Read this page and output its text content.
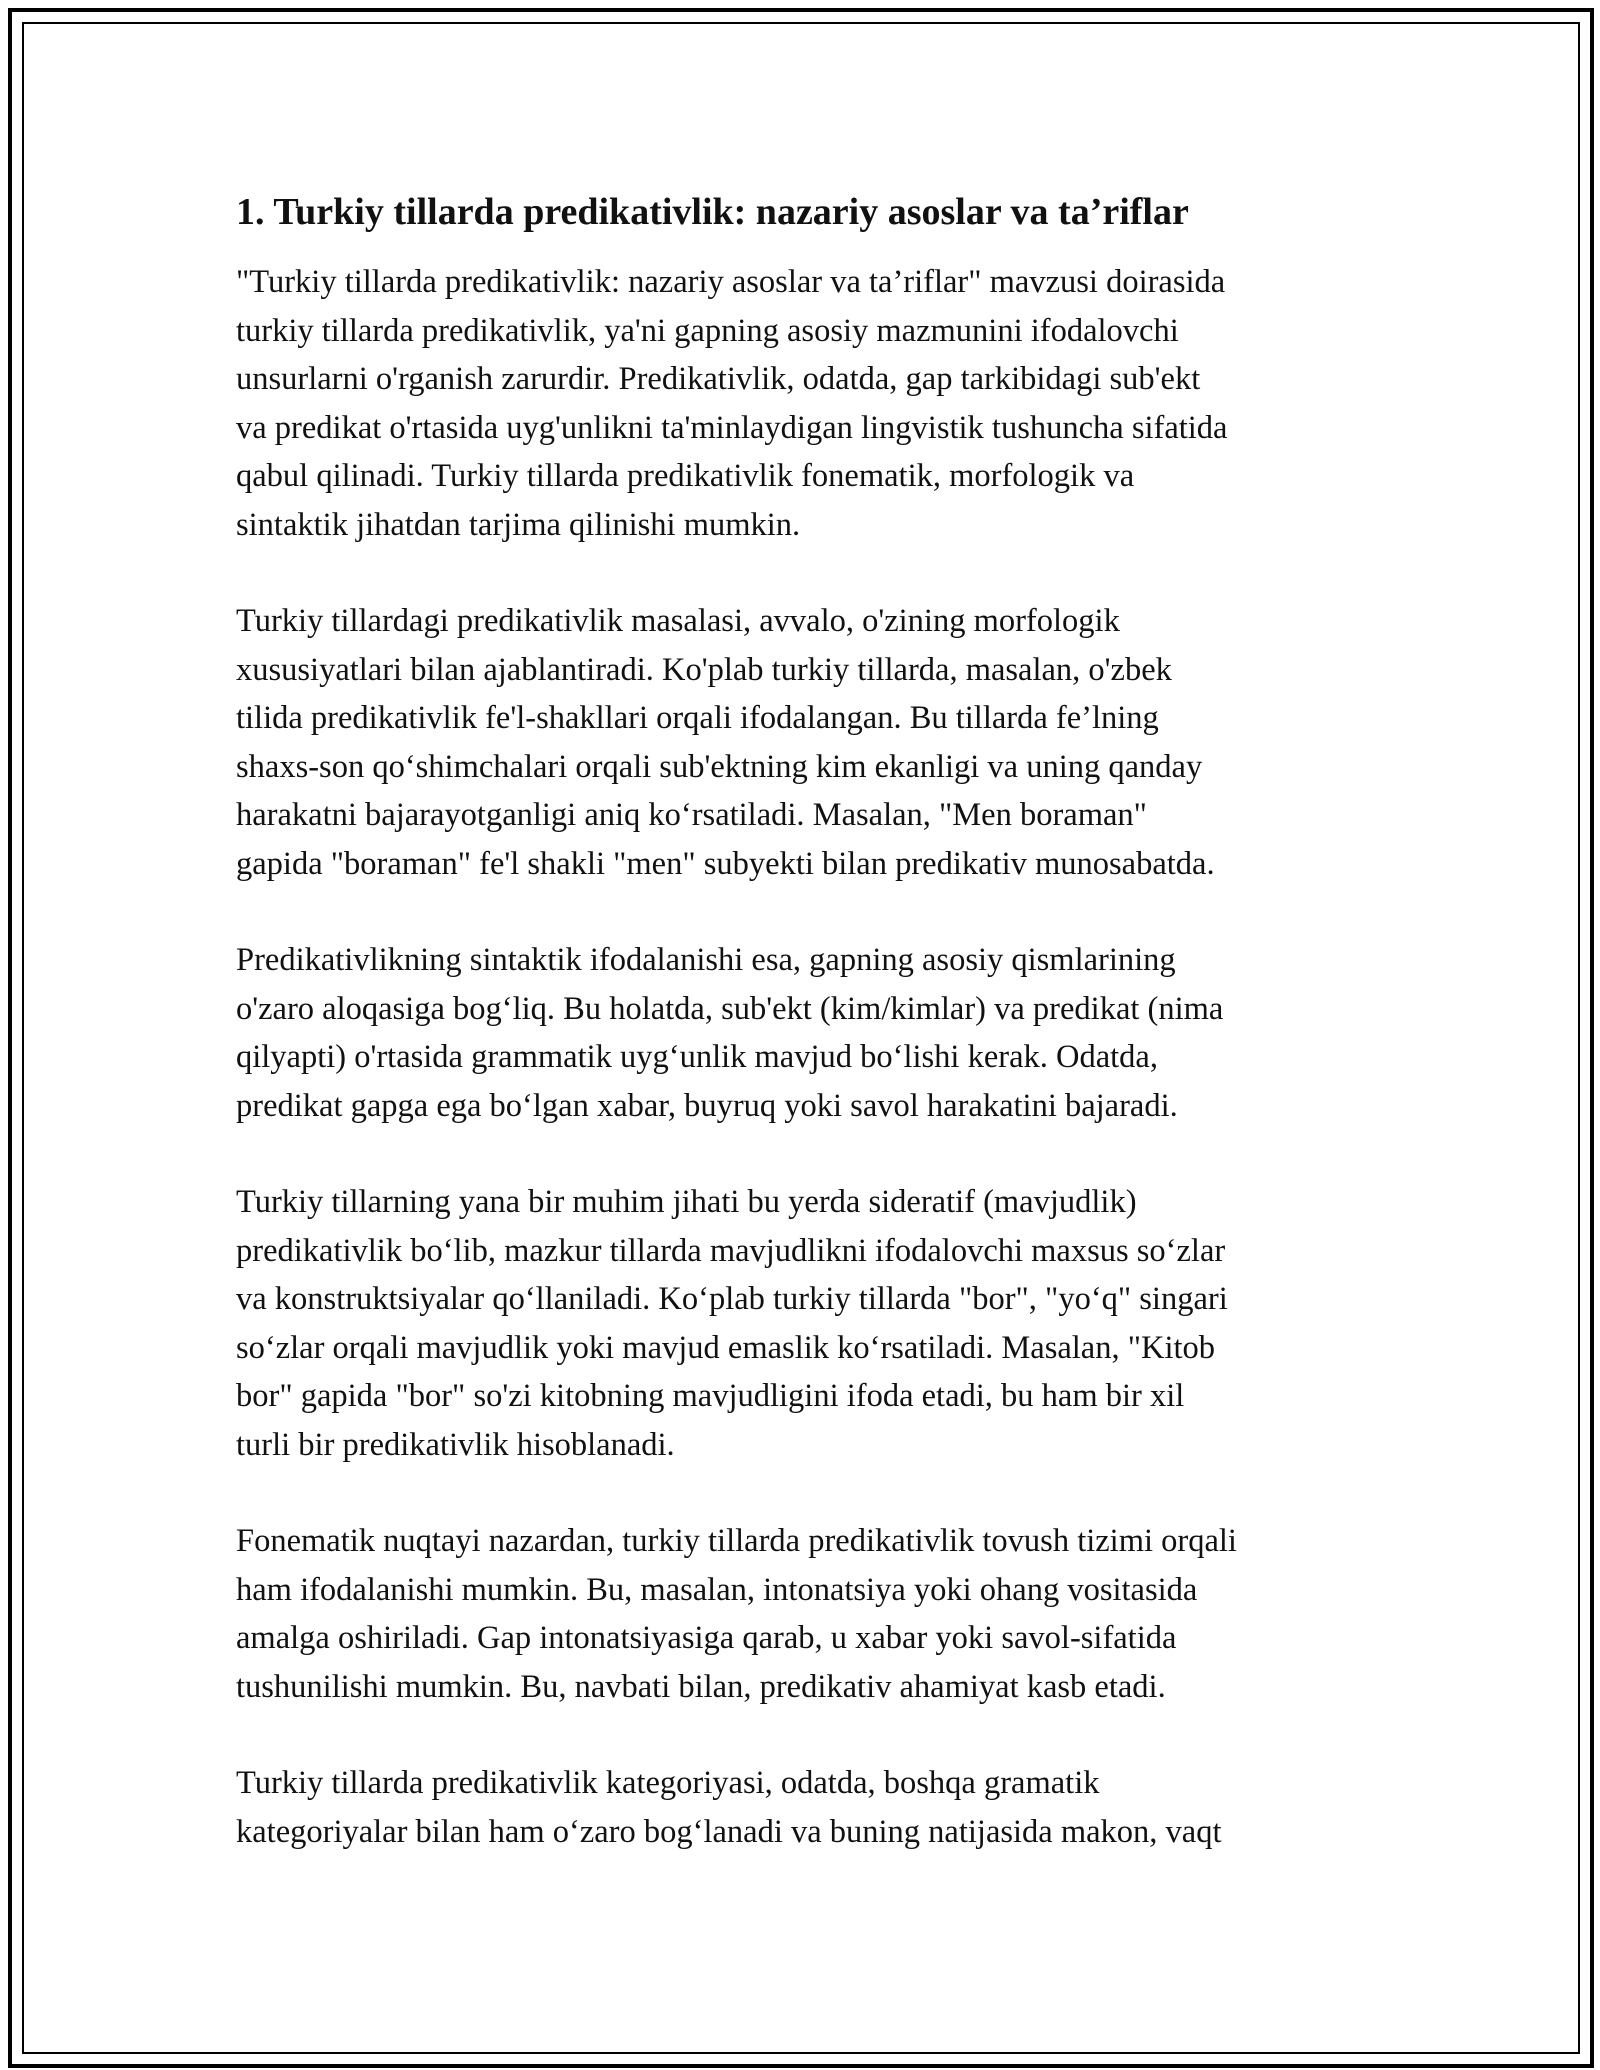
1. Turkiy tillarda predikativlik: nazariy asoslar va ta’riflar

"Turkiy tillarda predikativlik: nazariy asoslar va ta’riflar" mavzusi doirasida
turkiy tillarda predikativlik, ya'ni gapning asosiy mazmunini ifodalovchi
unsurlarni o'rganish zarurdir. Predikativlik, odatda, gap tarkibidagi sub'ekt
va predikat o'rtasida uyg'unlikni ta'minlaydigan lingvistik tushuncha sifatida
qabul qilinadi. Turkiy tillarda predikativlik fonematik, morfologik va
sintaktik jihatdan tarjima qilinishi mumkin.

Turkiy tillardagi predikativlik masalasi, avvalo, o'zining morfologik
xususiyatlari bilan ajablantiradi. Ko'plab turkiy tillarda, masalan, o'zbek
tilida predikativlik fe'l-shakllari orqali ifodalangan. Bu tillarda fe’lning
shaxs-son qo‘shimchalari orqali sub'ektning kim ekanligi va uning qanday
harakatni bajarayotganligi aniq ko‘rsatiladi. Masalan, "Men boraman"
gapida "boraman" fe'l shakli "men" subyekti bilan predikativ munosabatda.

Predikativlikning sintaktik ifodalanishi esa, gapning asosiy qismlarining
o'zaro aloqasiga bog‘liq. Bu holatda, sub'ekt (kim/kimlar) va predikat (nima
qilyapti) o'rtasida grammatik uyg‘unlik mavjud bo‘lishi kerak. Odatda,
predikat gapga ega bo‘lgan xabar, buyruq yoki savol harakatini bajaradi.

Turkiy tillarning yana bir muhim jihati bu yerda sideratif (mavjudlik)
predikativlik bo‘lib, mazkur tillarda mavjudlikni ifodalovchi maxsus so‘zlar
va konstruktsiyalar qo‘llaniladi. Ko‘plab turkiy tillarda "bor", "yo‘q" singari
so‘zlar orqali mavjudlik yoki mavjud emaslik ko‘rsatiladi. Masalan, "Kitob
bor" gapida "bor" so'zi kitobning mavjudligini ifoda etadi, bu ham bir xil
turli bir predikativlik hisoblanadi.

Fonematik nuqtayi nazardan, turkiy tillarda predikativlik tovush tizimi orqali
ham ifodalanishi mumkin. Bu, masalan, intonatsiya yoki ohang vositasida
amalga oshiriladi. Gap intonatsiyasiga qarab, u xabar yoki savol-sifatida
tushunilishi mumkin. Bu, navbati bilan, predikativ ahamiyat kasb etadi.

Turkiy tillarda predikativlik kategoriyasi, odatda, boshqa gramatik
kategoriyalar bilan ham o‘zaro bog‘lanadi va buning natijasida makon, vaqt
